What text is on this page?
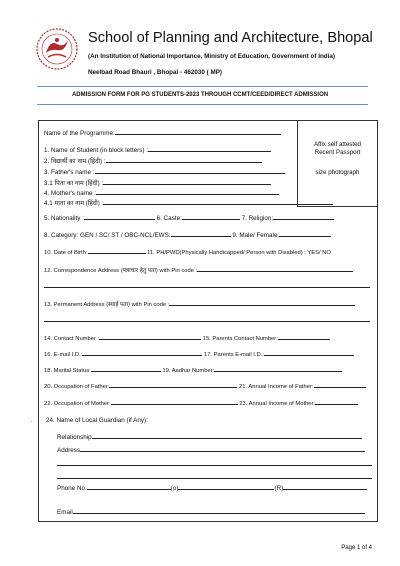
School of Planning and Architecture, Bhopal
(An Institution of National Importance, Ministry of Education, Government of India)
Neelbad Road Bhauri , Bhopal - 462030 ( MP)
ADMISSION FORM FOR PG STUDENTS-2023 THROUGH CCMT/CEED/DIRECT ADMISSION
Affix self attested
Recent Passport
size photograph
Name of the Programme:
1. Name of Student (in block letters) :
2. विद्यार्थी का नाम (हिंदी) :
3. Father's name :
3.1 पिता का नाम (हिंदी) :
4. Mother's name :
4.1 माता का नाम (हिंदी) :
5. Nationality :	6. Caste:	7. Religion:
8. Category: GEN / SC/ ST / OBC-NCL/EWS:	9. Male/ Female:
10. Date of Birth:	11. PH/PWD(Physically Handicapped/ Person with Disabled) : YES/ NO
12. Correspondence Address (पत्राचार हेतु पता) with Pin code :
13. Permanent Address (स्थाई पता) with Pin code :
14. Contact Number :	15. Parents Contact Number:
16. E-mail I.D.:	17. Parents E-mail I.D.:
18. Marital Status:	19. Aadhar Number:
20. Occupation of Father:	21. Annual Income of Father:
22. Occupation of Mother:	23. Annual Income of Mother:
. 24. Name of Local Guardian (if Any):
Relationship
Address
Phone No.	(o)	(R)
Email
Page 1 of 4
